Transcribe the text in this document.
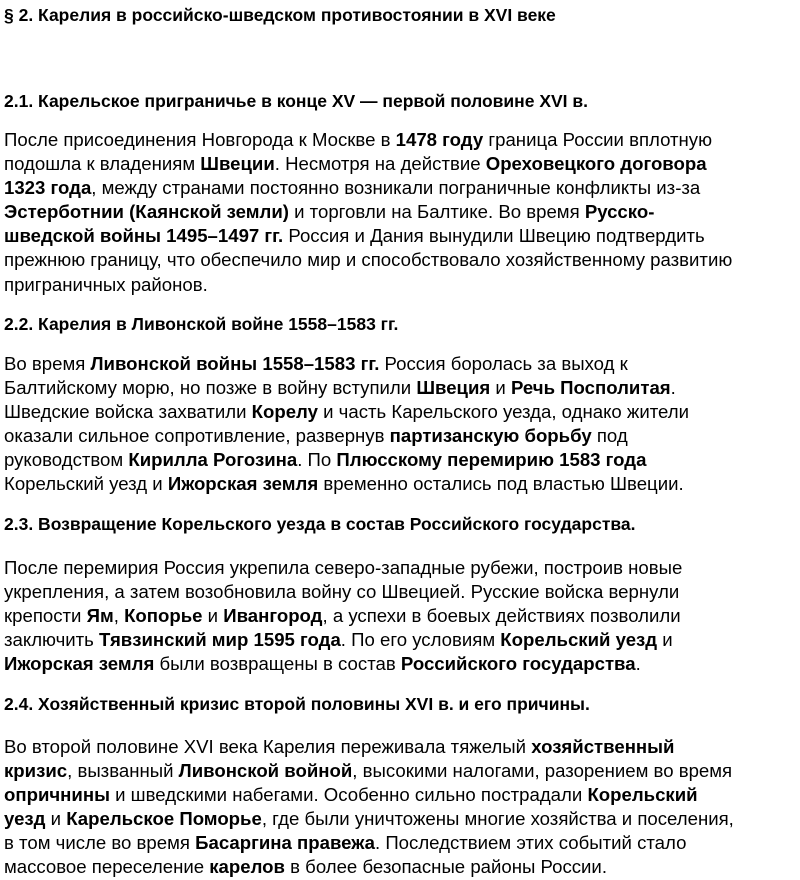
§ 2. Карелия в российско-шведском противостоянии в XVI веке
2.1. Карельское приграничье в конце XV — первой половине XVI в.
После присоединения Новгорода к Москве в 1478 году граница России вплотную
подошла к владениям Швеции. Несмотря на действие Ореховецкого договора
1323 года, между странами постоянно возникали пограничные конфликты из-за
Эстерботнии (Каянской земли) и торговли на Балтике. Во время Русско-
шведской войны 1495–1497 гг. Россия и Дания вынудили Швецию подтвердить
прежнюю границу, что обеспечило мир и способствовало хозяйственному развитию
приграничных районов.
2.2. Карелия в Ливонской войне 1558–1583 гг.
Во время Ливонской войны 1558–1583 гг. Россия боролась за выход к
Балтийскому морю, но позже в войну вступили Швеция и Речь Посполитая.
Шведские войска захватили Корелу и часть Карельского уезда, однако жители
оказали сильное сопротивление, развернув партизанскую борьбу под
руководством Кирилла Рогозина. По Плюсскому перемирию 1583 года
Корельский уезд и Ижорская земля временно остались под властью Швеции.
2.3. Возвращение Корельского уезда в состав Российского государства.
После перемирия Россия укрепила северо-западные рубежи, построив новые
укрепления, а затем возобновила войну со Швецией. Русские войска вернули
крепости Ям, Копорье и Ивангород, а успехи в боевых действиях позволили
заключить Тявзинский мир 1595 года. По его условиям Корельский уезд и
Ижорская земля были возвращены в состав Российского государства.
2.4. Хозяйственный кризис второй половины XVI в. и его причины.
Во второй половине XVI века Карелия переживала тяжелый хозяйственный
кризис, вызванный Ливонской войной, высокими налогами, разорением во время
опричнины и шведскими набегами. Особенно сильно пострадали Корельский
уезд и Карельское Поморье, где были уничтожены многие хозяйства и поселения,
в том числе во время Басаргина правежа. Последствием этих событий стало
массовое переселение карелов в более безопасные районы России.
